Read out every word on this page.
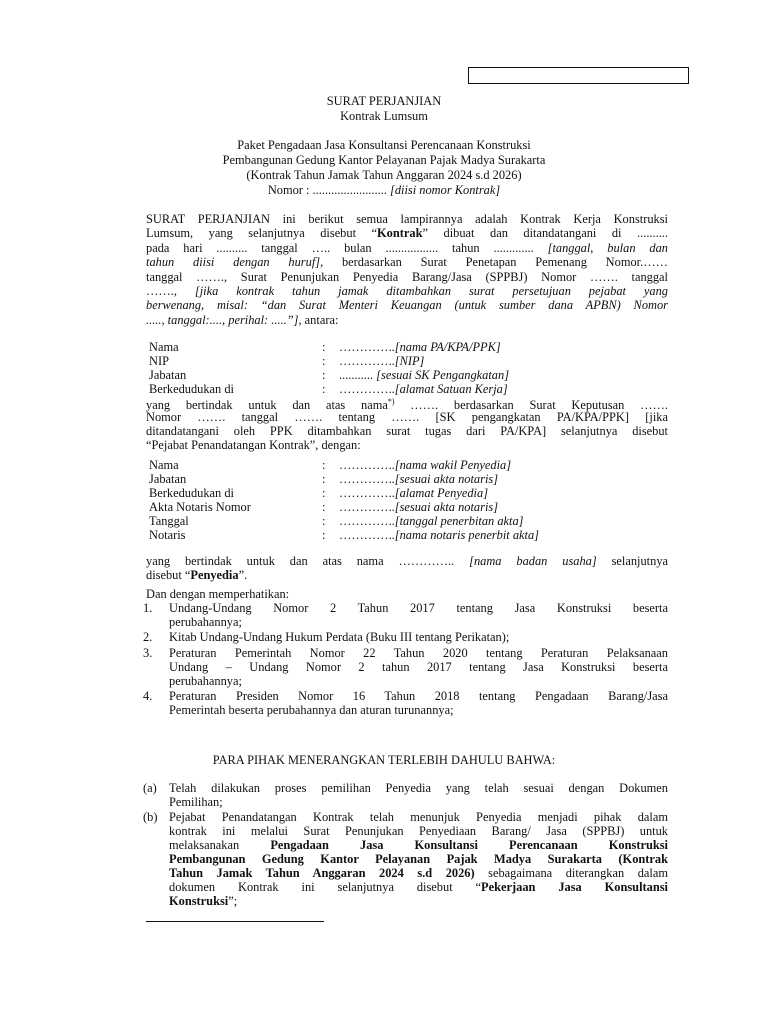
SURAT PERJANJIAN
Kontrak Lumsum
Paket Pengadaan Jasa Konsultansi Perencanaan Konstruksi
Pembangunan Gedung Kantor Pelayanan Pajak Madya Surakarta
(Kontrak Tahun Jamak Tahun Anggaran 2024 s.d 2026)
Nomor : ........................ [diisi nomor Kontrak]
SURAT PERJANJIAN ini berikut semua lampirannya adalah Kontrak Kerja Konstruksi
Lumsum, yang selanjutnya disebut “Kontrak” dibuat dan ditandatangani di ..........
pada hari .......... tanggal ….. bulan ................. tahun ............. [tanggal, bulan dan
tahun diisi dengan huruf], berdasarkan Surat Penetapan Pemenang Nomor.……
tanggal ……., Surat Penunjukan Penyedia Barang/Jasa (SPPBJ) Nomor ……. tanggal
……., [jika kontrak tahun jamak ditambahkan surat persetujuan pejabat yang
berwenang, misal: “dan Surat Menteri Keuangan (untuk sumber dana APBN) Nomor
....., tanggal:...., perihal: .....”], antara:
Nama	: …………..[nama PA/KPA/PPK]
NIP	: …………..[NIP]
Jabatan	: ........... [sesuai SK Pengangkatan]
Berkedudukan di	: …………..[alamat Satuan Kerja]
yang bertindak untuk dan atas nama*) ……. berdasarkan Surat Keputusan …….
Nomor ……. tanggal ……. tentang ……. [SK pengangkatan PA/KPA/PPK] [jika
ditandatangani oleh PPK ditambahkan surat tugas dari PA/KPA] selanjutnya disebut
“Pejabat Penandatangan Kontrak”, dengan:
Nama	: …………..[nama wakil Penyedia]
Jabatan	: …………..[sesuai akta notaris]
Berkedudukan di	: …………..[alamat Penyedia]
Akta Notaris Nomor	: …………..[sesuai akta notaris]
Tanggal	: …………..[tanggal penerbitan akta]
Notaris	: …………..[nama notaris penerbit akta]
yang bertindak untuk dan atas nama ………….. [nama badan usaha] selanjutnya
disebut “Penyedia”.
Dan dengan memperhatikan:
1. Undang-Undang Nomor 2 Tahun 2017 tentang Jasa Konstruksi beserta
perubahannya;
2. Kitab Undang-Undang Hukum Perdata (Buku III tentang Perikatan);
3. Peraturan Pemerintah Nomor 22 Tahun 2020 tentang Peraturan Pelaksanaan
Undang – Undang Nomor 2 tahun 2017 tentang Jasa Konstruksi beserta
perubahannya;
4. Peraturan Presiden Nomor 16 Tahun 2018 tentang Pengadaan Barang/Jasa
Pemerintah beserta perubahannya dan aturan turunannya;
PARA PIHAK MENERANGKAN TERLEBIH DAHULU BAHWA:
(a) Telah dilakukan proses pemilihan Penyedia yang telah sesuai dengan Dokumen
Pemilihan;
(b) Pejabat Penandatangan Kontrak telah menunjuk Penyedia menjadi pihak dalam
kontrak ini melalui Surat Penunjukan Penyediaan Barang/ Jasa (SPPBJ) untuk
melaksanakan Pengadaan Jasa Konsultansi Perencanaan Konstruksi
Pembangunan Gedung Kantor Pelayanan Pajak Madya Surakarta (Kontrak
Tahun Jamak Tahun Anggaran 2024 s.d 2026) sebagaimana diterangkan dalam
dokumen Kontrak ini selanjutnya disebut “Pekerjaan Jasa Konsultansi
Konstruksi”;
